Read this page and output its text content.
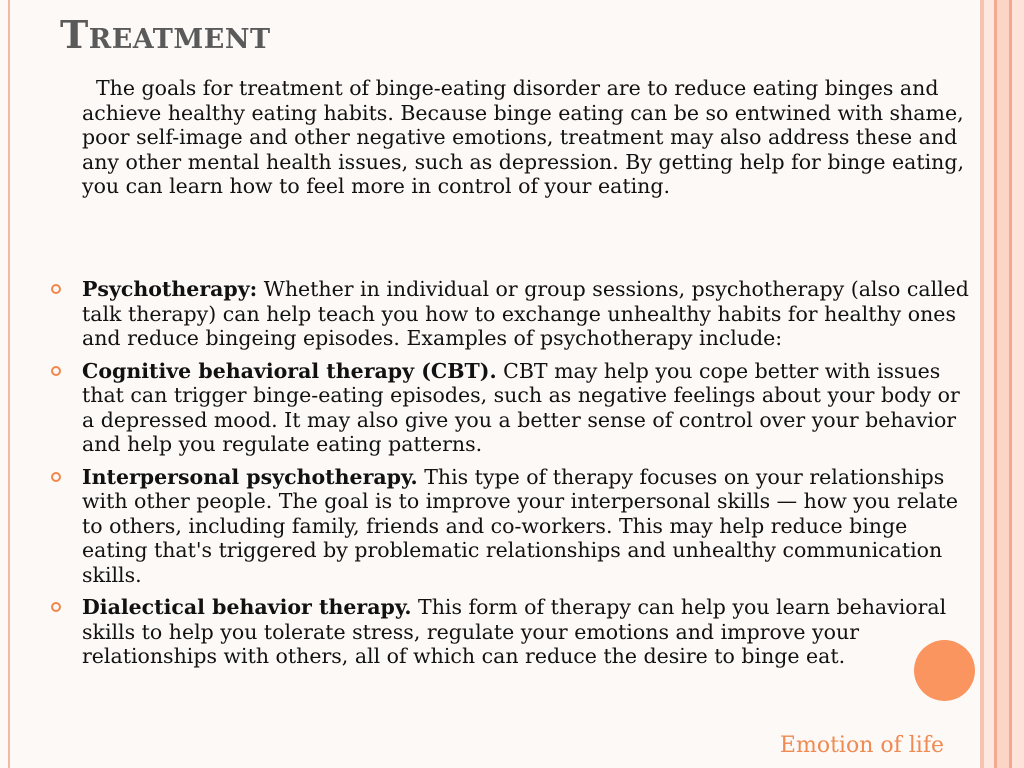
Treatment

The goals for treatment of binge-eating disorder are to reduce eating binges and achieve healthy eating habits. Because binge eating can be so entwined with shame, poor self-image and other negative emotions, treatment may also address these and any other mental health issues, such as depression. By getting help for binge eating, you can learn how to feel more in control of your eating.

Psychotherapy: Whether in individual or group sessions, psychotherapy (also called talk therapy) can help teach you how to exchange unhealthy habits for healthy ones and reduce bingeing episodes. Examples of psychotherapy include:
Cognitive behavioral therapy (CBT). CBT may help you cope better with issues that can trigger binge-eating episodes, such as negative feelings about your body or a depressed mood. It may also give you a better sense of control over your behavior and help you regulate eating patterns.
Interpersonal psychotherapy. This type of therapy focuses on your relationships with other people. The goal is to improve your interpersonal skills — how you relate to others, including family, friends and co-workers. This may help reduce binge eating that's triggered by problematic relationships and unhealthy communication skills.
Dialectical behavior therapy. This form of therapy can help you learn behavioral skills to help you tolerate stress, regulate your emotions and improve your relationships with others, all of which can reduce the desire to binge eat.
Emotion of life
